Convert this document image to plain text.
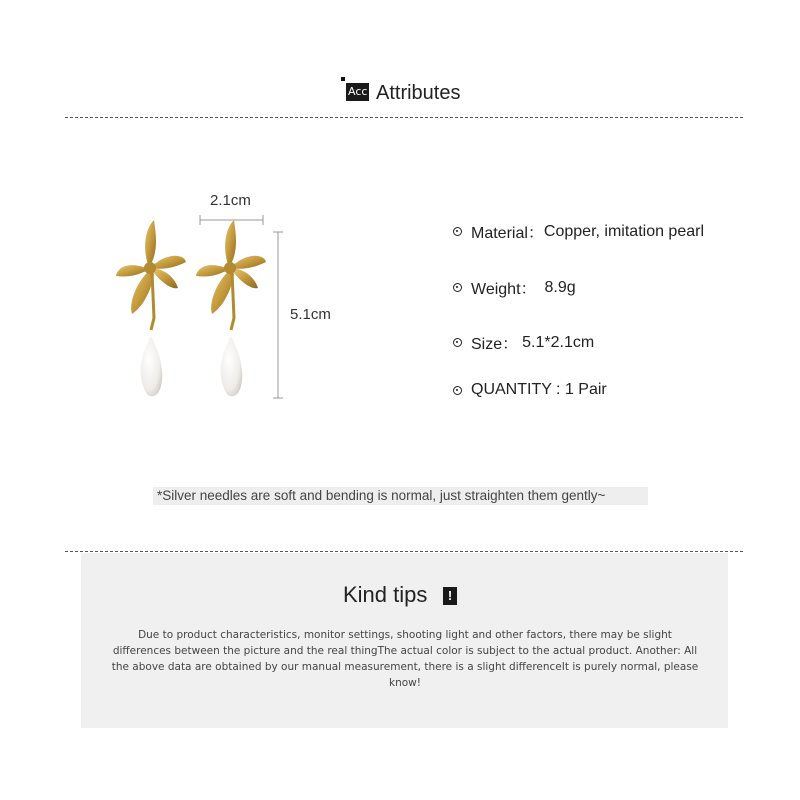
Acc Attributes
2.1cm
5.1cm
Material： Copper, imitation pearl
Weight： 8.9g
Size： 5.1*2.1cm
QUANTITY : 1 Pair
*Silver needles are soft and bending is normal, just straighten them gently~
Kind tips	!
Due to product characteristics, monitor settings, shooting light and other factors, there may be slight differences between the picture and the real thingThe actual color is subject to the actual product. Another: All the above data are obtained by our manual measurement, there is a slight differenceIt is purely normal, please know!
